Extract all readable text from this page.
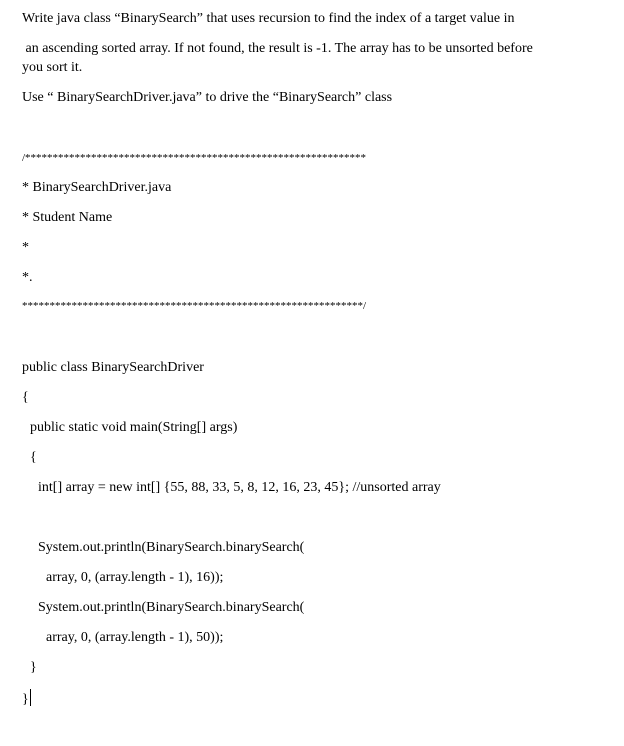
Write java class “BinarySearch” that uses recursion to find the index of a target value in
an ascending sorted array. If not found, the result is -1. The array has to be unsorted before
you sort it.
Use “ BinarySearchDriver.java” to drive the “BinarySearch” class
/**************************************************************
* BinarySearchDriver.java
* Student Name
*
*.
**************************************************************/
public class BinarySearchDriver
{
public static void main(String[] args)
{
int[] array = new int[] {55, 88, 33, 5, 8, 12, 16, 23, 45}; //unsorted array
System.out.println(BinarySearch.binarySearch(
array, 0, (array.length - 1), 16));
System.out.println(BinarySearch.binarySearch(
array, 0, (array.length - 1), 50));
}
}
